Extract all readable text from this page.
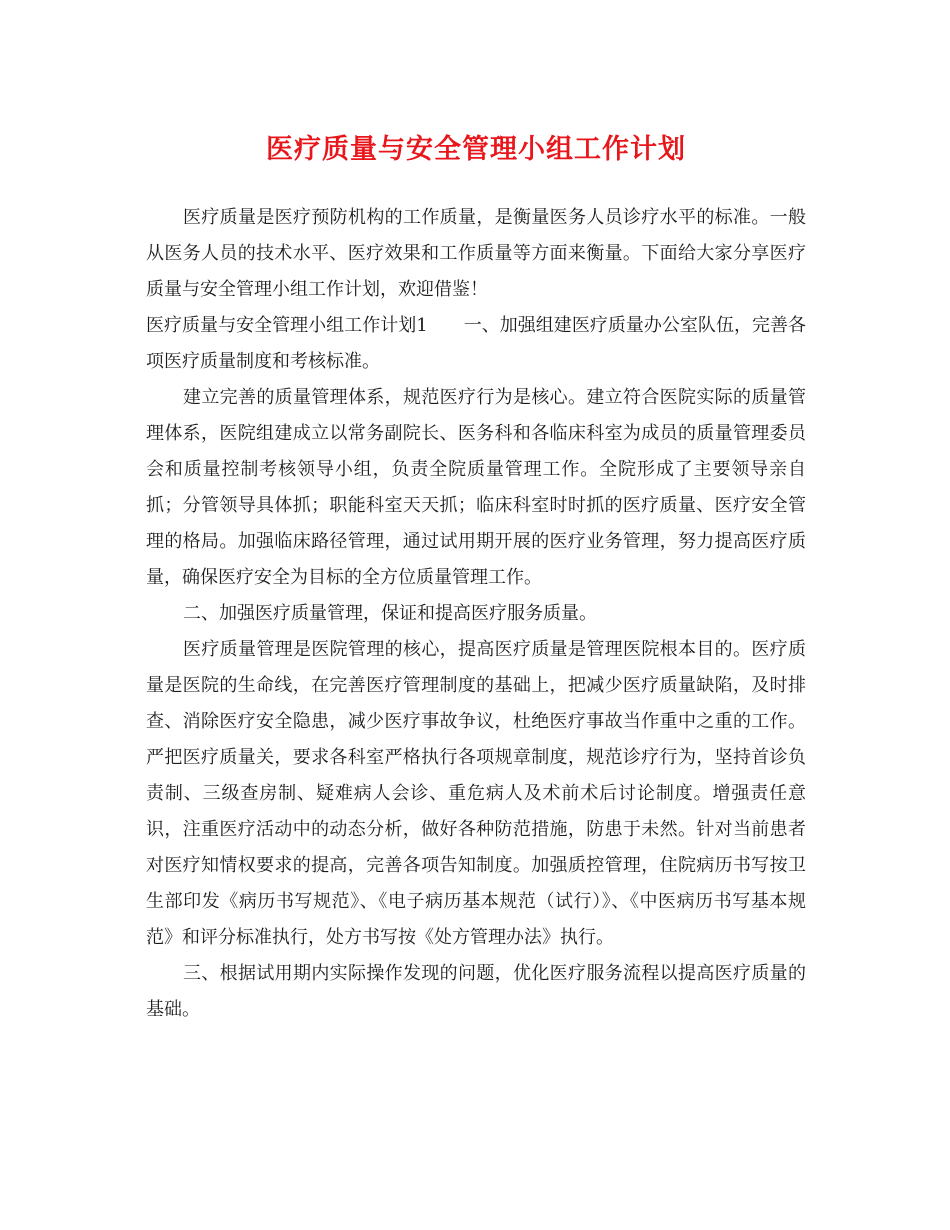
医疗质量与安全管理小组工作计划

医疗质量是医疗预防机构的工作质量，是衡量医务人员诊疗水平的标准。一般从医务人员的技术水平、医疗效果和工作质量等方面来衡量。下面给大家分享医疗质量与安全管理小组工作计划，欢迎借鉴！

医疗质量与安全管理小组工作计划1 一、加强组建医疗质量办公室队伍，完善各项医疗质量制度和考核标准。

建立完善的质量管理体系，规范医疗行为是核心。建立符合医院实际的质量管理体系，医院组建成立以常务副院长、医务科和各临床科室为成员的质量管理委员会和质量控制考核领导小组，负责全院质量管理工作。全院形成了主要领导亲自抓；分管领导具体抓；职能科室天天抓；临床科室时时抓的医疗质量、医疗安全管理的格局。加强临床路径管理，通过试用期开展的医疗业务管理，努力提高医疗质量，确保医疗安全为目标的全方位质量管理工作。

二、加强医疗质量管理，保证和提高医疗服务质量。

医疗质量管理是医院管理的核心，提高医疗质量是管理医院根本目的。医疗质量是医院的生命线，在完善医疗管理制度的基础上，把减少医疗质量缺陷，及时排查、消除医疗安全隐患，减少医疗事故争议，杜绝医疗事故当作重中之重的工作。严把医疗质量关，要求各科室严格执行各项规章制度，规范诊疗行为，坚持首诊负责制、三级查房制、疑难病人会诊、重危病人及术前术后讨论制度。增强责任意识，注重医疗活动中的动态分析，做好各种防范措施，防患于未然。针对当前患者对医疗知情权要求的提高，完善各项告知制度。加强质控管理，住院病历书写按卫生部印发《病历书写规范》、《电子病历基本规范（试行）》、《中医病历书写基本规范》和评分标准执行，处方书写按《处方管理办法》执行。

三、根据试用期内实际操作发现的问题，优化医疗服务流程以提高医疗质量的基础。
